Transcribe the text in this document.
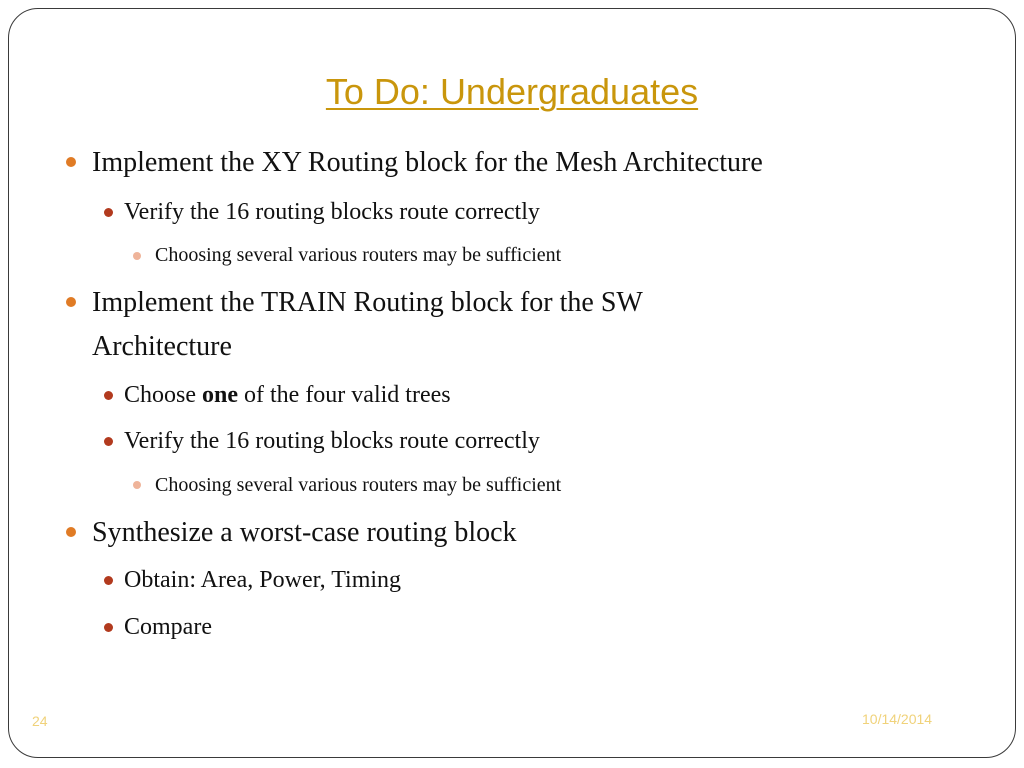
To Do: Undergraduates
Implement the XY Routing block for the Mesh Architecture
Verify the 16 routing blocks route correctly
Choosing several various routers may be sufficient
Implement the TRAIN Routing block for the SW
Architecture
Choose one of the four valid trees
Verify the 16 routing blocks route correctly
Choosing several various routers may be sufficient
Synthesize a worst-case routing block
Obtain: Area, Power, Timing
Compare
24	10/14/2014
